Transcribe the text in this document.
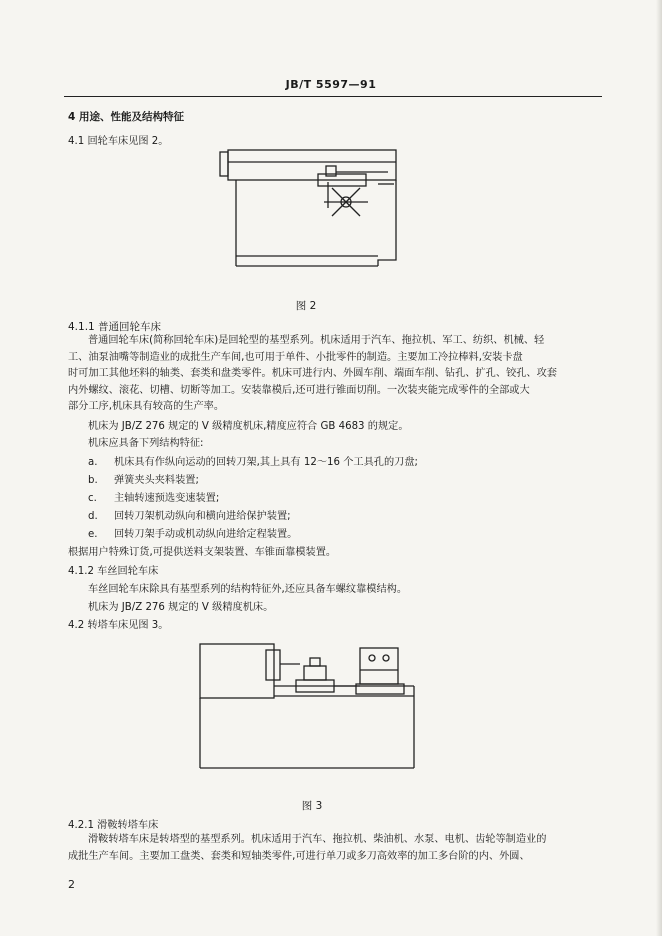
JB/T 5597—91
4 用途、性能及结构特征
4.1 回轮车床见图 2。
图 2
4.1.1 普通回轮车床

普通回轮车床(简称回轮车床)是回轮型的基型系列。机床适用于汽车、拖拉机、军工、纺织、机械、轻

工、油泵油嘴等制造业的成批生产车间,也可用于单件、小批零件的制造。主要加工冷拉棒料,安装卡盘

时可加工其他坯料的轴类、套类和盘类零件。机床可进行内、外圆车削、端面车削、钻孔、扩孔、铰孔、攻套

内外螺纹、滚花、切槽、切断等加工。安装靠模后,还可进行锥面切削。一次装夹能完成零件的全部或大

部分工序,机床具有较高的生产率。

机床为 JB/Z 276 规定的 V 级精度机床,精度应符合 GB 4683 的规定。
机床应具备下列结构特征:
a. 机床具有作纵向运动的回转刀架,其上具有 12～16 个工具孔的刀盘;
b. 弹簧夹头夹料装置;
c. 主轴转速预选变速装置;
d. 回转刀架机动纵向和横向进给保护装置;
e. 回转刀架手动或机动纵向进给定程装置。
根据用户特殊订货,可提供送料支架装置、车锥面靠模装置。
4.1.2 车丝回轮车床
车丝回轮车床除具有基型系列的结构特征外,还应具备车螺纹靠模结构。
机床为 JB/Z 276 规定的 V 级精度机床。
4.2 转塔车床见图 3。
图 3
4.2.1 滑鞍转塔车床

滑鞍转塔车床是转塔型的基型系列。机床适用于汽车、拖拉机、柴油机、水泵、电机、齿轮等制造业的

成批生产车间。主要加工盘类、套类和短轴类零件,可进行单刀或多刀高效率的加工多台阶的内、外圆、

2
